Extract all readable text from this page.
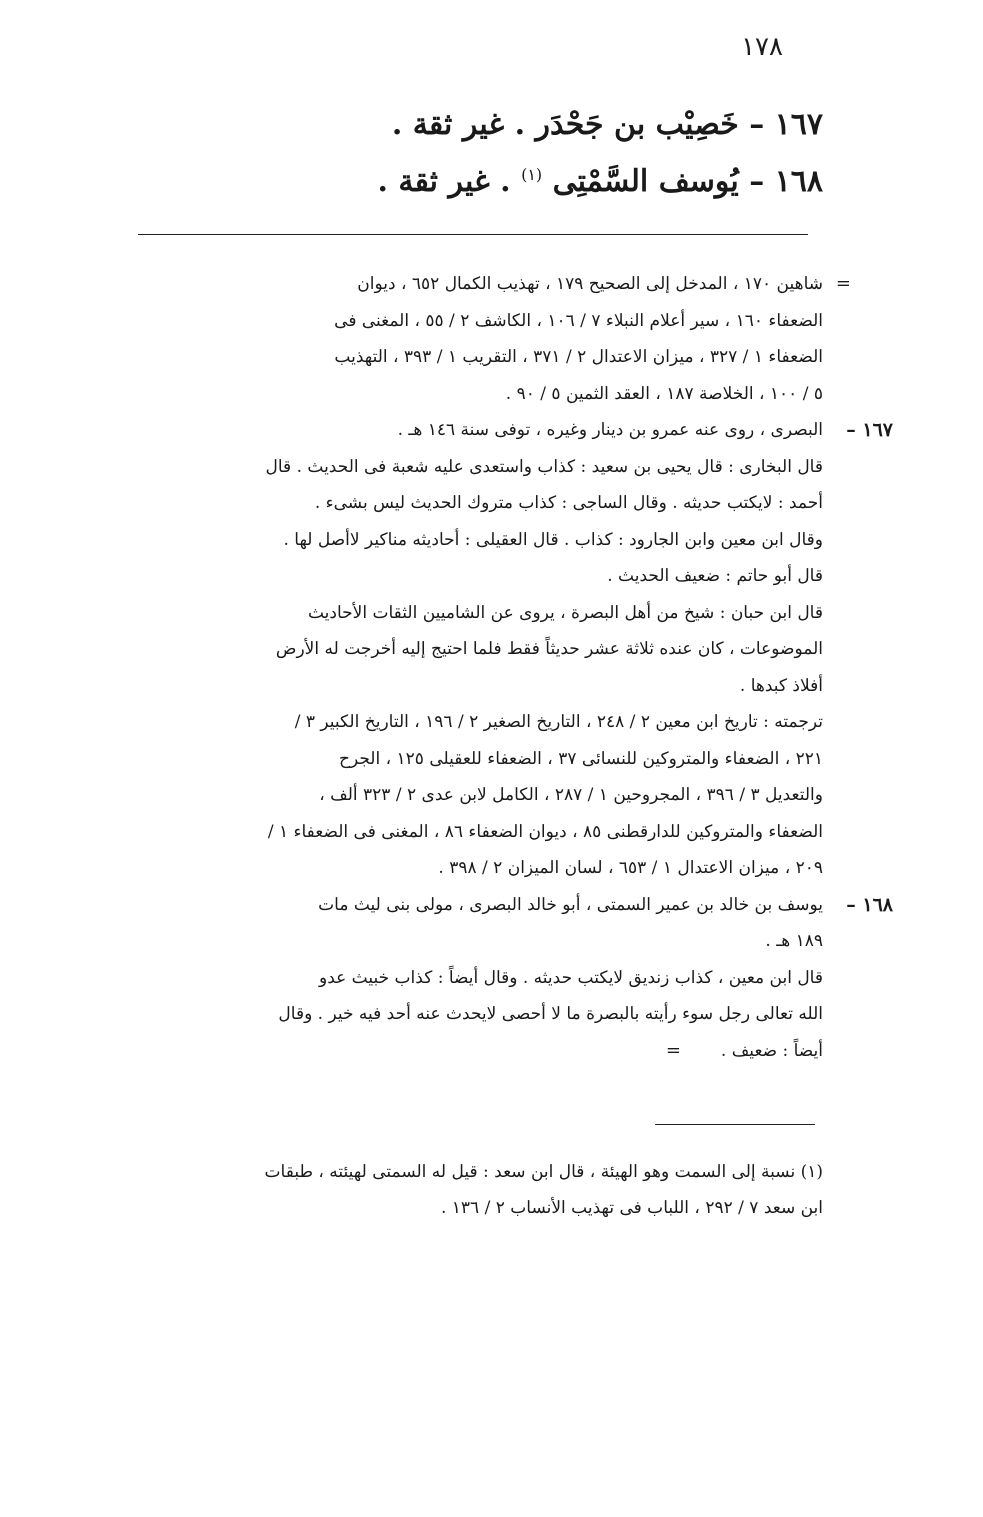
١٧٨
١٦٧ – خَصِيْب بن جَحْدَر . غير ثقة .
١٦٨ – يُوسف السَّمْتِى $^{(١)}$ . غير ثقة .
=

شاهين ١٧٠ ، المدخل إلى الصحيح ١٧٩ ، تهذيب الكمال ٦٥٢ ، ديوان

الضعفاء ١٦٠ ، سير أعلام النبلاء ٧ / ١٠٦ ، الكاشف ٢ / ٥٥ ، المغنى فى

الضعفاء ١ / ٣٢٧ ، ميزان الاعتدال ٢ / ٣٧١ ، التقريب ١ / ٣٩٣ ، التهذيب

٥ / ١٠٠ ، الخلاصة ١٨٧ ، العقد الثمين ٥ / ٩٠ .

١٦٧ –

البصرى ، روى عنه عمرو بن دينار وغيره ، توفى سنة ١٤٦ هـ .

قال البخارى : قال يحيى بن سعيد : كذاب واستعدى عليه شعبة فى الحديث . قال

أحمد : لايكتب حديثه . وقال الساجى : كذاب متروك الحديث ليس بشىء .

وقال ابن معين وابن الجارود : كذاب . قال العقيلى : أحاديثه مناكير لاأصل لها .

قال أبو حاتم : ضعيف الحديث .

قال ابن حبان : شيخ من أهل البصرة ، يروى عن الشاميين الثقات الأحاديث

الموضوعات ، كان عنده ثلاثة عشر حديثاً فقط فلما احتيج إليه أخرجت له الأرض

أفلاذ كبدها .

ترجمته : تاريخ ابن معين ٢ / ٢٤٨ ، التاريخ الصغير ٢ / ١٩٦ ، التاريخ الكبير ٣ /

٢٢١ ، الضعفاء والمتروكين للنسائى ٣٧ ، الضعفاء للعقيلى ١٢٥ ، الجرح

والتعديل ٣ / ٣٩٦ ، المجروحين ١ / ٢٨٧ ، الكامل لابن عدى ٢ / ٣٢٣ ألف ،

الضعفاء والمتروكين للدارقطنى ٨٥ ، ديوان الضعفاء ٨٦ ، المغنى فى الضعفاء ١ /

٢٠٩ ، ميزان الاعتدال ١ / ٦٥٣ ، لسان الميزان ٢ / ٣٩٨ .

١٦٨ –

يوسف بن خالد بن عمير السمتى ، أبو خالد البصرى ، مولى بنى ليث مات

١٨٩ هـ .

قال ابن معين ، كذاب زنديق لايكتب حديثه . وقال أيضاً : كذاب خبيث عدو

الله تعالى رجل سوء رأيته بالبصرة ما لا أحصى لايحدث عنه أحد فيه خير . وقال

أيضاً : ضعيف .=

(١) نسبة إلى السمت وهو الهيئة ، قال ابن سعد : قيل له السمتى لهيئته ، طبقات

ابن سعد ٧ / ٢٩٢ ، اللباب فى تهذيب الأنساب ٢ / ١٣٦ .
